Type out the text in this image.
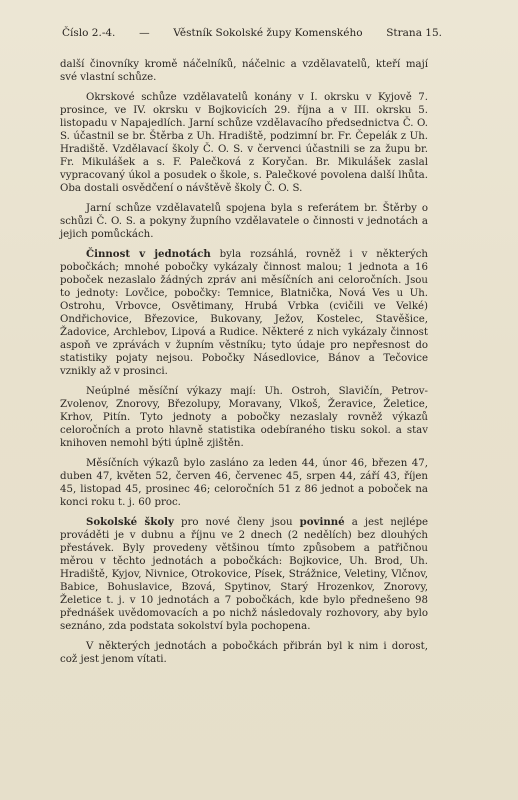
Číslo 2.-4. — Věstník Sokolské župy Komenského Strana 15.

další činovníky kromě náčelníků, náčelnic a vzdělavatelů, kteří mají své vlastní schůze.

Okrskové schůze vzdělavatelů konány v I. okrsku v Kyjově 7. prosince, ve IV. okrsku v Bojkovicích 29. října a v III. okrsku 5. listopadu v Napajedlích. Jarní schůze vzdělavacího předsednictva Č. O. S. účastnil se br. Štěrba z Uh. Hradiště, podzimní br. Fr. Čepelák z Uh. Hradiště. Vzdělavací školy Č. O. S. v červenci účastnili se za župu br. Fr. Mikulášek a s. F. Palečková z Koryčan. Br. Mikulášek zaslal vypracovaný úkol a posudek o škole, s. Palečkové povolena další lhůta. Oba dostali osvědčení o návštěvě školy Č. O. S.

Jarní schůze vzdělavatelů spojena byla s referátem br. Štěrby o schůzi Č. O. S. a pokyny župního vzdělavatele o činnosti v jednotách a jejich pomůckách.

Činnost v jednotách byla rozsáhlá, rovněž i v některých pobočkách; mnohé pobočky vykázaly činnost malou; 1 jednota a 16 poboček nezaslalo žádných zpráv ani měsíčních ani celoročních. Jsou to jednoty: Lovčice, pobočky: Temnice, Blatnička, Nová Ves u Uh. Ostrohu, Vrbovce, Osvětimany, Hrubá Vrbka (cvičili ve Velké) Ondřichovice, Březovice, Bukovany, Ježov, Kostelec, Stavěšice, Žadovice, Archlebov, Lipová a Rudice. Některé z nich vykázaly činnost aspoň ve zprávách v župním věstníku; tyto údaje pro nepřesnost do statistiky pojaty nejsou. Pobočky Násedlovice, Bánov a Tečovice vznikly až v prosinci.

Neúplné měsíční výkazy mají: Uh. Ostroh, Slavičín, Petrov-Zvolenov, Znorovy, Březolupy, Moravany, Vlkoš, Žeravice, Želetice, Krhov, Pitín. Tyto jednoty a pobočky nezaslaly rovněž výkazů celoročních a proto hlavně statistika odebíraného tisku sokol. a stav knihoven nemohl býti úplně zjištěn.

Měsíčních výkazů bylo zasláno za leden 44, únor 46, březen 47, duben 47, květen 52, červen 46, červenec 45, srpen 44, září 43, říjen 45, listopad 45, prosinec 46; celoročních 51 z 86 jednot a poboček na konci roku t. j. 60 proc.

Sokolské školy pro nové členy jsou povinné a jest nejlépe prováděti je v dubnu a říjnu ve 2 dnech (2 nedělích) bez dlouhých přestávek. Byly provedeny většinou tímto způsobem a patřičnou měrou v těchto jednotách a pobočkách: Bojkovice, Uh. Brod, Uh. Hradiště, Kyjov, Nivnice, Otrokovice, Písek, Strážnice, Veletiny, Vlčnov, Babice, Bohuslavice, Bzová, Spytinov, Starý Hrozenkov, Znorovy, Želetice t. j. v 10 jednotách a 7 pobočkách, kde bylo přednešeno 98 přednášek uvědomovacích a po nichž následovaly rozhovory, aby bylo seznáno, zda podstata sokolství byla pochopena.

V některých jednotách a pobočkách přibrán byl k nim i dorost, což jest jenom vítati.
